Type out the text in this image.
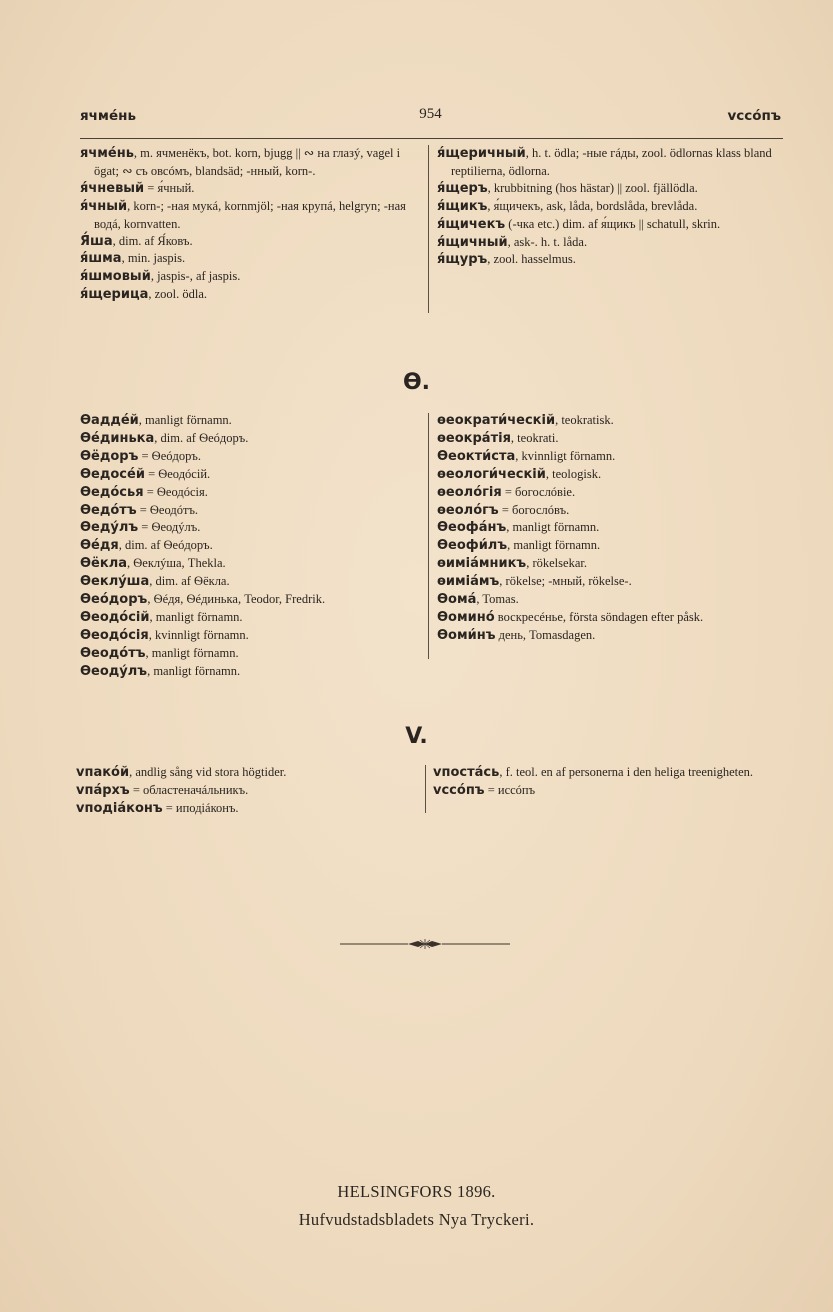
ячмéнь	954	vссóпъ
ячмéнь, m. ячменёкъ, bot. korn, bjugg || ∾ на глазý, vagel i ögat; ∾ съ овсóмъ, blandsäd; -нный, korn-.
я́чневый = я́чный.
я́чный, korn-; -ная мукá, kornmjöl; -ная крупá, helgryn; -ная водá, kornvatten.
Я́ша, dim. af Я́ковъ.
я́шма, min. jaspis.
я́шмовый, jaspis-, af jaspis.
я́щерица, zool. ödla.
я́щеричный, h. t. ödla; -ные гáды, zool. ödlornas klass bland reptilierna, ödlorna.
я́щеръ, krubbitning (hos hästar) || zool. fjällödla.
я́щикъ, я́щичекъ, ask, låda, bordslåda, brevlåda.
я́щичекъ (-чка etc.) dim. af я́щикъ || schatull, skrin.
я́щичный, ask-. h. t. låda.
я́щуръ, zool. hasselmus.
Ѳ.
Ѳаддéй, manligt förnamn.
Ѳéдинька, dim. af Ѳеóдоръ.
Ѳёдоръ = Ѳеóдоръ.
Ѳедосéй = Ѳеодóсій.
Ѳедóсья = Ѳеодóсія.
Ѳедóтъ = Ѳеодóтъ.
Ѳедýлъ = Ѳеодýлъ.
Ѳéдя, dim. af Ѳеóдоръ.
Ѳёкла, Ѳеклýша, Thekla.
Ѳеклýша, dim. af Ѳёкла.
Ѳеóдоръ, Ѳéдя, Ѳéдинька, Teodor, Fredrik.
Ѳеодóсій, manligt förnamn.
Ѳеодóсія, kvinnligt förnamn.
Ѳеодóтъ, manligt förnamn.
Ѳеодýлъ, manligt förnamn.
ѳеократи́ческій, teokratisk.
ѳеокрáтія, teokrati.
Ѳеокти́ста, kvinnligt förnamn.
ѳеологи́ческій, teologisk.
ѳеолóгія = богослóвіе.
ѳеолóгъ = богослóвъ.
Ѳеофáнъ, manligt förnamn.
Ѳеофи́лъ, manligt förnamn.
ѳимiáмникъ, rökelsekar.
ѳимiáмъ, rökelse; -мный, rökelse-.
Ѳомá, Tomas.
Ѳоминó воскресéнье, första söndagen efter påsk.
Ѳоми́нъ день, Tomasdagen.
V.
vпакóй, andlig sång vid stora högtider.
vпáрхъ = областеначáльникъ.
vподiáконъ = иподiáконъ.
vпостáсь, f. teol. en af personerna i den heliga treenigheten.
vссóпъ = иссóпъ
HELSINGFORS 1896.
Hufvudstadsbladets Nya Tryckeri.
